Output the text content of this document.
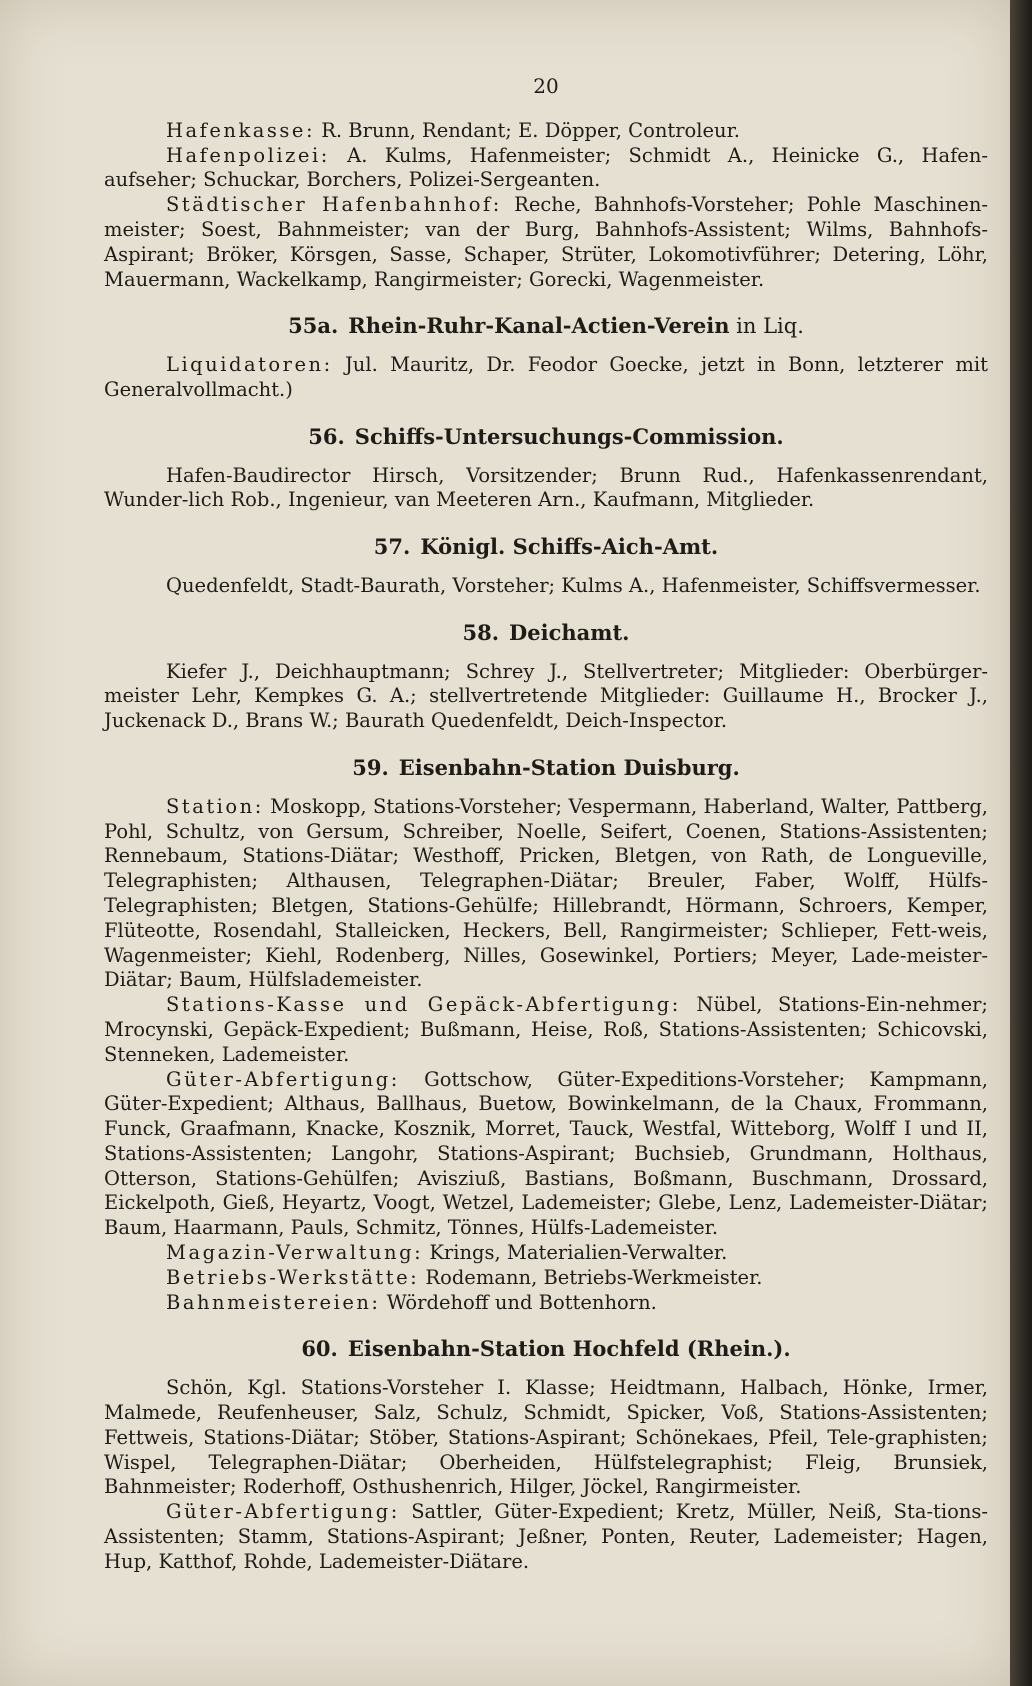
20

Hafenkasse: R. Brunn, Rendant; E. Döpper, Controleur.

Hafenpolizei: A. Kulms, Hafenmeister; Schmidt A., Heinicke G., Hafen-aufseher; Schuckar, Borchers, Polizei-Sergeanten.

Städtischer Hafenbahnhof: Reche, Bahnhofs-Vorsteher; Pohle Maschinen-meister; Soest, Bahnmeister; van der Burg, Bahnhofs-Assistent; Wilms, Bahnhofs-Aspirant; Bröker, Körsgen, Sasse, Schaper, Strüter, Lokomotivführer; Detering, Löhr, Mauermann, Wackelkamp, Rangirmeister; Gorecki, Wagenmeister.

55a. Rhein-Ruhr-Kanal-Actien-Verein in Liq.

Liquidatoren: Jul. Mauritz, Dr. Feodor Goecke, jetzt in Bonn, letzterer mit Generalvollmacht.)

56. Schiffs-Untersuchungs-Commission.

Hafen-Baudirector Hirsch, Vorsitzender; Brunn Rud., Hafenkassenrendant, Wunder-lich Rob., Ingenieur, van Meeteren Arn., Kaufmann, Mitglieder.

57. Königl. Schiffs-Aich-Amt.

Quedenfeldt, Stadt-Baurath, Vorsteher; Kulms A., Hafenmeister, Schiffsvermesser.

58. Deichamt.

Kiefer J., Deichhauptmann; Schrey J., Stellvertreter; Mitglieder: Oberbürger-meister Lehr, Kempkes G. A.; stellvertretende Mitglieder: Guillaume H., Brocker J., Juckenack D., Brans W.; Baurath Quedenfeldt, Deich-Inspector.

59. Eisenbahn-Station Duisburg.

Station: Moskopp, Stations-Vorsteher; Vespermann, Haberland, Walter, Pattberg, Pohl, Schultz, von Gersum, Schreiber, Noelle, Seifert, Coenen, Stations-Assistenten; Rennebaum, Stations-Diätar; Westhoff, Pricken, Bletgen, von Rath, de Longueville, Telegraphisten; Althausen, Telegraphen-Diätar; Breuler, Faber, Wolff, Hülfs-Telegraphisten; Bletgen, Stations-Gehülfe; Hillebrandt, Hörmann, Schroers, Kemper, Flüteotte, Rosendahl, Stalleicken, Heckers, Bell, Rangirmeister; Schlieper, Fett-weis, Wagenmeister; Kiehl, Rodenberg, Nilles, Gosewinkel, Portiers; Meyer, Lade-meister-Diätar; Baum, Hülfslademeister.

Stations-Kasse und Gepäck-Abfertigung: Nübel, Stations-Ein-nehmer; Mrocynski, Gepäck-Expedient; Bußmann, Heise, Roß, Stations-Assistenten; Schicovski, Stenneken, Lademeister.

Güter-Abfertigung: Gottschow, Güter-Expeditions-Vorsteher; Kampmann, Güter-Expedient; Althaus, Ballhaus, Buetow, Bowinkelmann, de la Chaux, Frommann, Funck, Graafmann, Knacke, Kosznik, Morret, Tauck, Westfal, Witteborg, Wolff I und II, Stations-Assistenten; Langohr, Stations-Aspirant; Buchsieb, Grundmann, Holthaus, Otterson, Stations-Gehülfen; Avisziuß, Bastians, Boßmann, Buschmann, Drossard, Eickelpoth, Gieß, Heyartz, Voogt, Wetzel, Lademeister; Glebe, Lenz, Lademeister-Diätar; Baum, Haarmann, Pauls, Schmitz, Tönnes, Hülfs-Lademeister.

Magazin-Verwaltung: Krings, Materialien-Verwalter.

Betriebs-Werkstätte: Rodemann, Betriebs-Werkmeister.

Bahnmeistereien: Wördehoff und Bottenhorn.

60. Eisenbahn-Station Hochfeld (Rhein.).

Schön, Kgl. Stations-Vorsteher I. Klasse; Heidtmann, Halbach, Hönke, Irmer, Malmede, Reufenheuser, Salz, Schulz, Schmidt, Spicker, Voß, Stations-Assistenten; Fettweis, Stations-Diätar; Stöber, Stations-Aspirant; Schönekaes, Pfeil, Tele-graphisten; Wispel, Telegraphen-Diätar; Oberheiden, Hülfstelegraphist; Fleig, Brunsiek, Bahnmeister; Roderhoff, Osthushenrich, Hilger, Jöckel, Rangirmeister.

Güter-Abfertigung: Sattler, Güter-Expedient; Kretz, Müller, Neiß, Sta-tions-Assistenten; Stamm, Stations-Aspirant; Jeßner, Ponten, Reuter, Lademeister; Hagen, Hup, Katthof, Rohde, Lademeister-Diätare.
